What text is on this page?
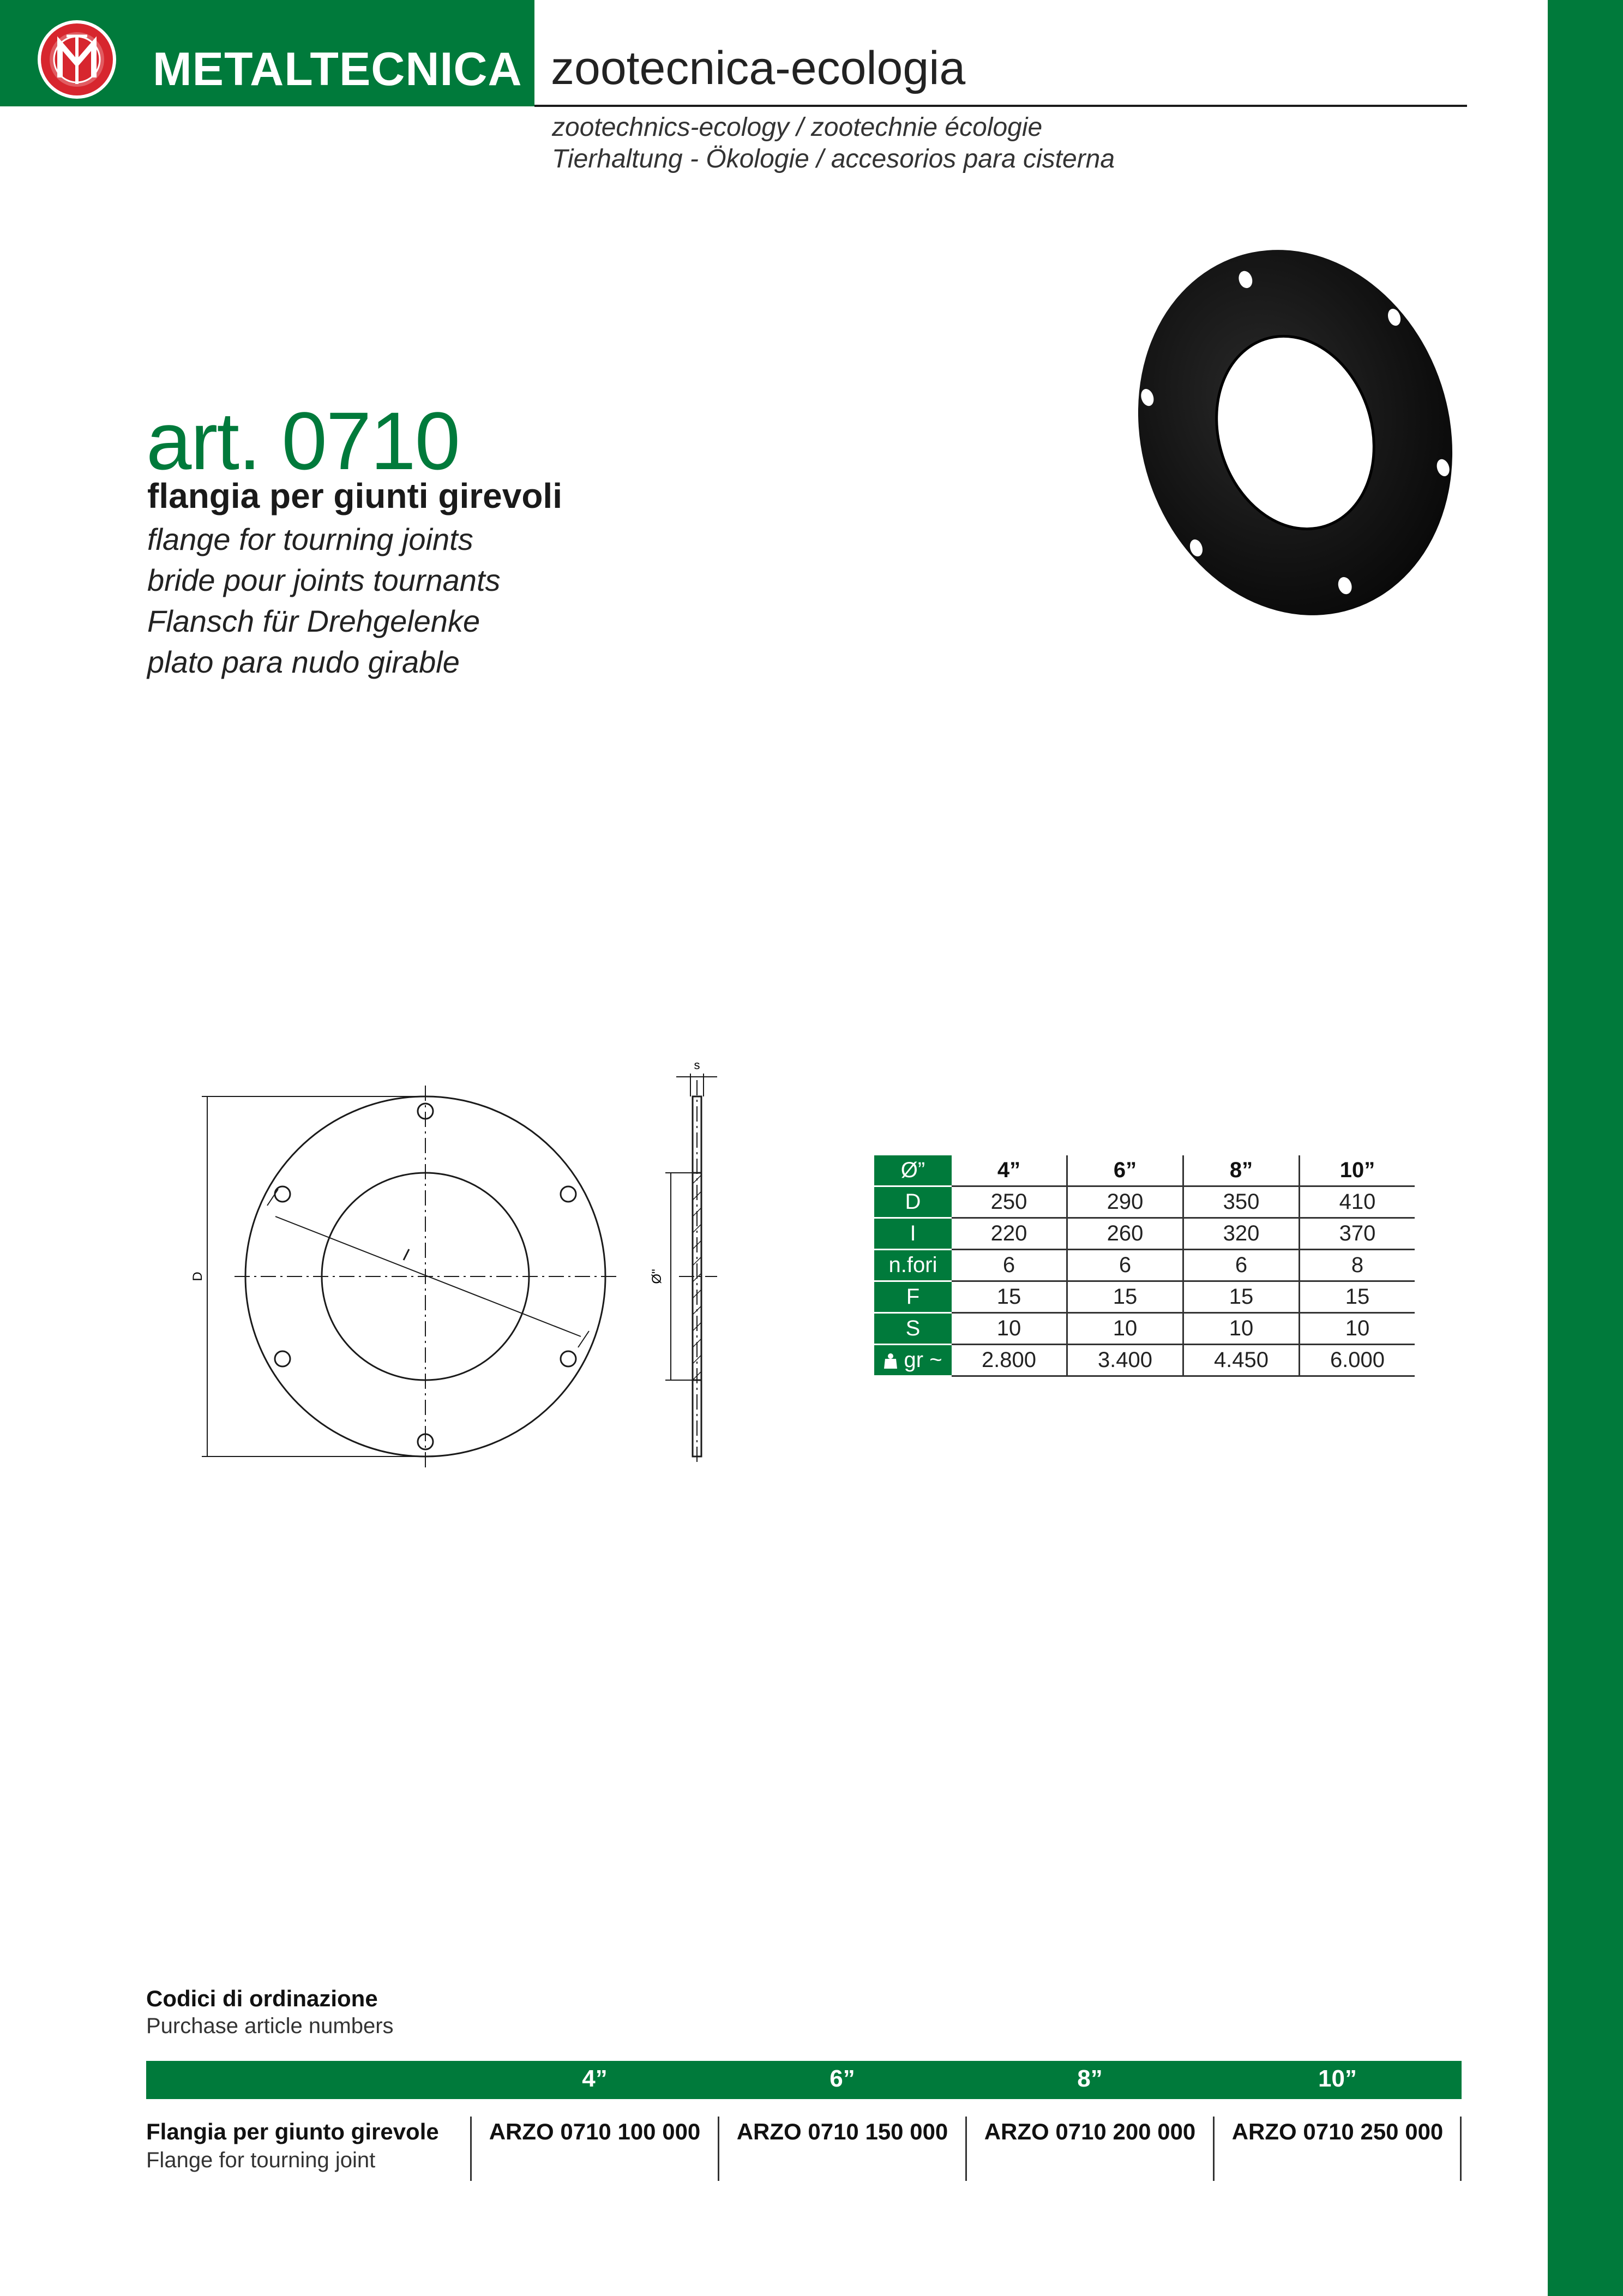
METALTECNICA zootecnica-ecologia
zootechnics-ecology / zootechnie écologie
Tierhaltung - Ökologie / accesorios para cisterna
art. 0710
flangia per giunti girevoli
flange for tourning joints
bride pour joints tournants
Flansch für Drehgelenke
plato para nudo girable
s
D	Ø"
Ø”	4”	6”	8”	10”
D	250	290	350	410
I	220	260	320	370
n.fori	6	6	6	8
F	15	15	15	15
S	10	10	10	10
gr ~	2.800	3.400	4.450	6.000
Codici di ordinazione
Purchase article numbers
4”	6”	8”	10”
Flangia per giunto girevole
Flange for tourning joint
ARZO 0710 100 000	ARZO 0710 150 000	ARZO 0710 200 000	ARZO 0710 250 000
